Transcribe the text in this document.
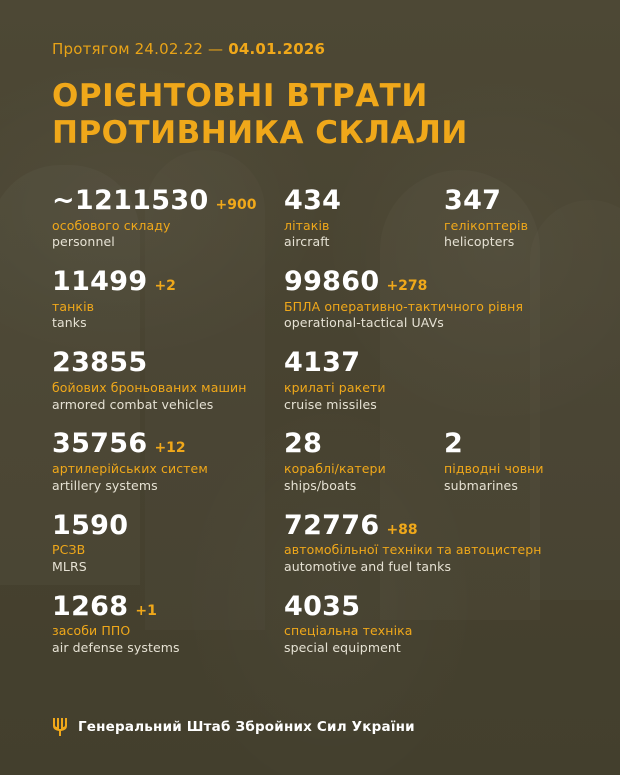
Протягом 24.02.22 — 04.01.2026
ОРІЄНТОВНІ ВТРАТИ
ПРОТИВНИКА СКЛАЛИ
~1211530 +900
особового складу
personnel
434
літаків
aircraft
347
гелікоптерів
helicopters
11499 +2
танків
tanks
99860 +278
БПЛА оперативно-тактичного рівня
operational-tactical UAVs
23855
бойових броньованих машин
armored combat vehicles
4137
крилаті ракети
cruise missiles
35756 +12
артилерійських систем
artillery systems
28
кораблі/катери
ships/boats
2
підводні човни
submarines
1590
РСЗВ
MLRS
72776 +88
автомобільної техніки та автоцистерн
automotive and fuel tanks
1268 +1
засоби ППО
air defense systems
4035
спеціальна техніка
special equipment
Генеральний Штаб Збройних Сил України
